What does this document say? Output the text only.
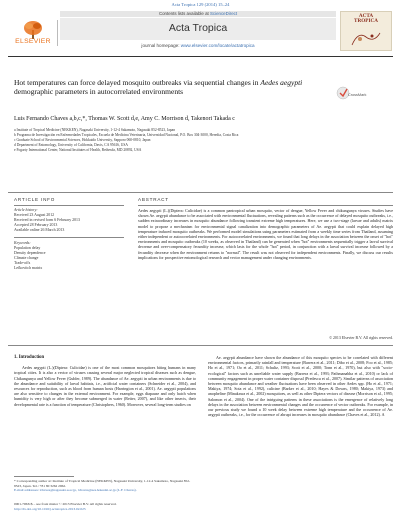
Acta Tropica 129 (2014) 15–24
ELSEVIER
Contents lists available at ScienceDirect
Acta Tropica
journal homepage: www.elsevier.com/locate/actatropica
ACTA
TROPICA
Hot temperatures can force delayed mosquito outbreaks via sequential changes in Aedes aegypti demographic parameters in autocorrelated environments	CrossMark
Luis Fernando Chaves a,b,c,*, Thomas W. Scott d,e, Amy C. Morrison d, Takenori Takada c
a Institute of Tropical Medicine (NEKKEN), Nagasaki University, 1-12-4 Sakamoto, Nagasaki 852-8523, Japan
b Programa de Investigación en Enfermedades Tropicales, Escuela de Medicina Veterinaria, Universidad Nacional, P.O. Box 304-3000, Heredia, Costa Rica
c Graduate School of Environmental Sciences, Hokkaido University, Sapporo 060-0810, Japan
d Department of Entomology, University of California, Davis, CA 95616, USA
e Fogarty International Center, National Institutes of Health, Bethesda, MD 20892, USA
ARTICLE INFO	ABSTRACT
Article history:
Received 23 August 2012
Received in revised form 6 February 2013
Accepted 28 February 2013
Available online 26 March 2013
Keywords:
Population delay
Density dependence
Climate change
Trade-offs
Lefkovitch matrix
Aedes aegypti (L.)(Diptera: Culicidae) is a common pantropical urban mosquito, vector of dengue, Yellow Fever and chikungunya viruses. Studies have shown Ae. aegypti abundance to be associated with environmental fluctuations, revealing patterns such as the occurrence of delayed mosquito outbreaks, i.e., sudden extraordinary increases in mosquito abundance following transient extreme high temperatures. Here, we use a two-stage (larvae and adults) matrix model to propose a mechanism for environmental signal canalization into demographic parameters of Ae. aegypti that could explain delayed high temperature induced mosquito outbreaks. We performed model simulations using parameters estimated from a weekly time series from Thailand, assuming either independent or autocorrelated environments. For autocorrelated environments, we found that long delays in the association between the onset of "hot" environments and mosquito outbreaks (10 weeks, as observed in Thailand) can be generated when "hot" environments sequentially trigger a larval survival decrease and over-compensatory fecundity increase, which lasts for the whole "hot" period, in conjunction with a larval survival increase followed by a fecundity decrease when the environment returns to "normal". The result was not observed for independent environments. Finally, we discuss our results implications for prospective entomological research and vector management under changing environments.
© 2013 Elsevier B.V. All rights reserved.
1. Introduction

Aedes aegypti (L.)(Diptera: Culicidae) is one of the most common mosquitoes biting humans in many tropical cities. It is also a vector of viruses causing several major neglected tropical diseases such as dengue, Chikungunya and Yellow Fever (Gubler, 1989). The abundance of Ae. aegypti in urban environments is due to the abundance and suitability of larval habitats, i.e., artificial water containers (Schneider et al., 2004), and resources for reproduction, such as blood from human hosts (Harrington et al., 2001). Ae. aegypti populations are also sensitive to changes in the external environment. For example, eggs diapause and only hatch when humidity is very high or after they become submerged in water (Reiter, 2007), and like other insects, their developmental rate is a function of temperature (Christophers, 1960). Moreover, several long-term studies on

Ae. aegypti abundance have shown the abundance of this mosquito species to be correlated with different environmental factors, primarily rainfall and temperature (Barrera et al., 2011; Dibo et al., 2008; Foo et al., 1985; Ho et al., 1971; Oo et al., 2011; Schultz, 1993; Scott et al., 2000; Tonn et al., 1970), but also with "socio-ecological" factors such as unreliable water supply (Barrera et al., 1993; Pathmanabha et al., 2010) or lack of community engagement in proper water container disposal (Predescu et al., 2007). Similar patterns of association between mosquito abundance and weather fluctuations have been observed in other Aedes spp. (Ho et al., 1971; Makiya, 1974; Sota et al., 1992), culicine (Barker et al., 2010; Hayes & Downs, 1980; Makiya, 1973) and anopheline (Minakawa et al., 2002) mosquitoes, as well as other Diptera vectors of disease (Morrison et al., 1995; Salomon et al., 2004). One of the intriguing patterns in these associations is the emergence of relatively long delays in the association between environmental changes and the occurrence of vector outbreaks. For example, in our previous study we found a 10 week delay between extreme high temperature and the occurrence of Ae. aegypti outbreaks, i.e., for the occurrence of abrupt increases in mosquito abundance (Chaves et al., 2012). A

* Corresponding author at: Institute of Tropical Medicine (NEKKEN), Nagasaki University, 1-12-4 Sakamoto, Nagasaki 852-8523, Japan. Tel.: +81 80 3262 2962.
E-mail addresses: lchaves@nagasaki-u.ac.jp, lchaves@ees.hokudai.ac.jp (L.F. Chaves).
0001-706X/$ – see front matter © 2013 Elsevier B.V. All rights reserved.
http://dx.doi.org/10.1016/j.actatropica.2013.02.025
